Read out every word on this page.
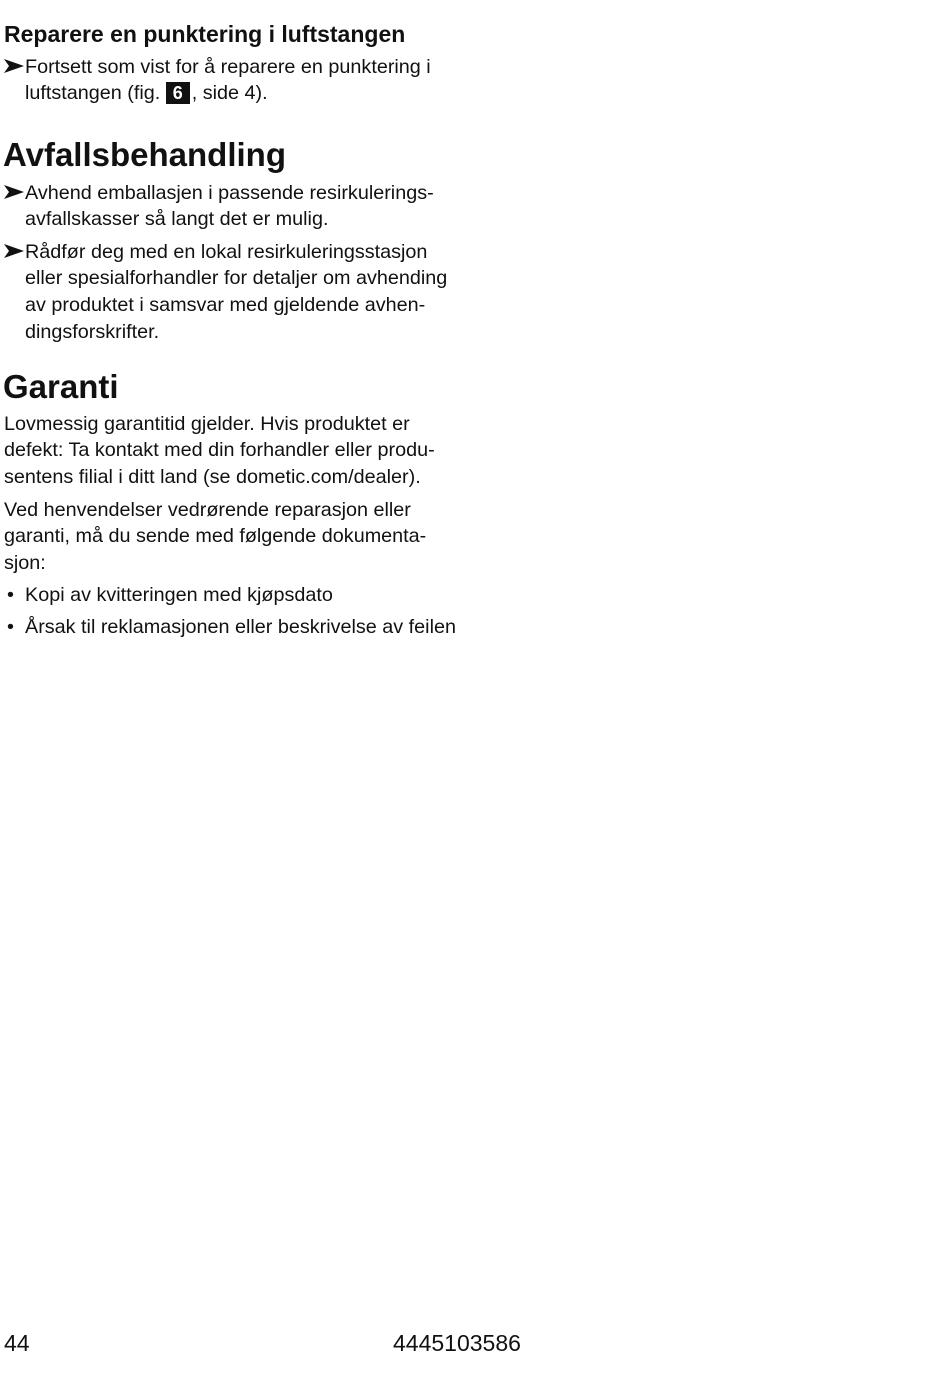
Reparere en punktering i luftstangen
Fortsett som vist for å reparere en punktering i
luftstangen (fig. 6 , side 4).
Avfallsbehandling
Avhend emballasjen i passende resirkulerings-
avfallskasser så langt det er mulig.
Rådfør deg med en lokal resirkuleringsstasjon
eller spesialforhandler for detaljer om avhending
av produktet i samsvar med gjeldende avhen-
dingsforskrifter.
Garanti
Lovmessig garantitid gjelder. Hvis produktet er
defekt: Ta kontakt med din forhandler eller produ-
sentens filial i ditt land (se dometic.com/dealer).
Ved henvendelser vedrørende reparasjon eller
garanti, må du sende med følgende dokumenta-
sjon:
• Kopi av kvitteringen med kjøpsdato
• Årsak til reklamasjonen eller beskrivelse av feilen
44	4445103586
